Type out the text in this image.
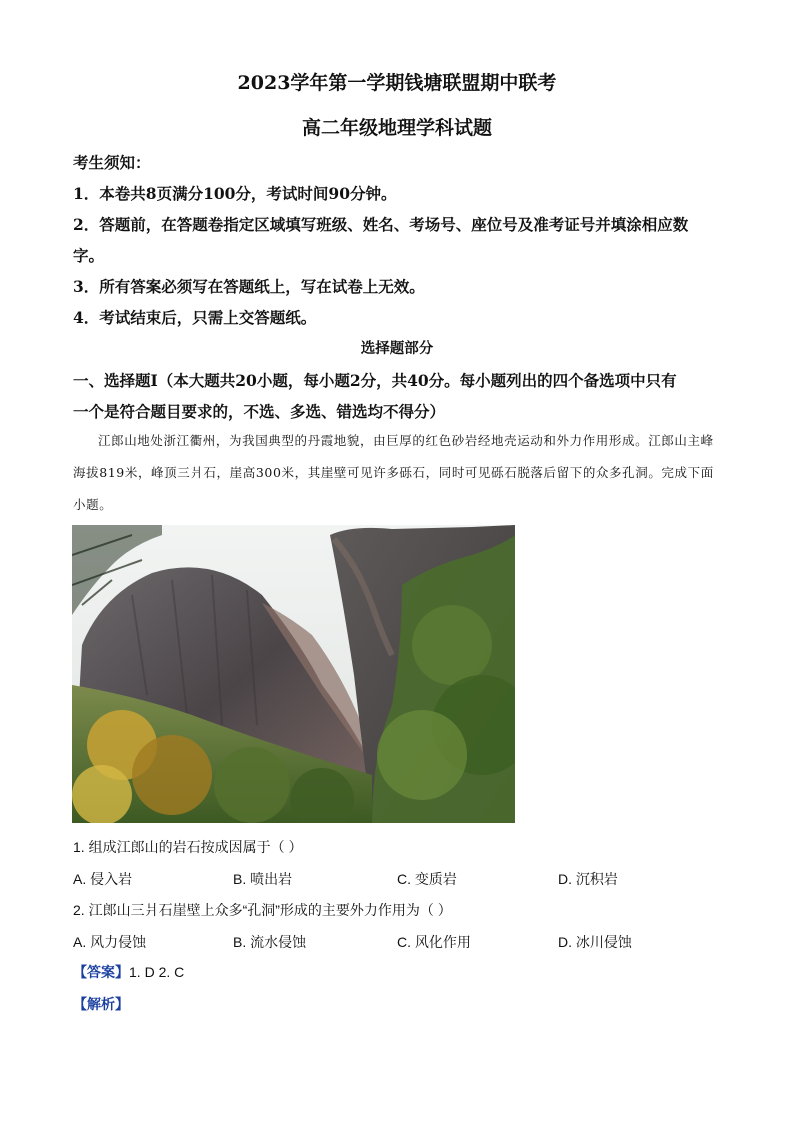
2023学年第一学期钱塘联盟期中联考
高二年级地理学科试题
考生须知：
1．本卷共8页满分100分，考试时间90分钟。
2．答题前，在答题卷指定区域填写班级、姓名、考场号、座位号及准考证号并填涂相应数
字。
3．所有答案必须写在答题纸上，写在试卷上无效。
4．考试结束后，只需上交答题纸。
选择题部分
一、选择题Ⅰ（本大题共20小题，每小题2分，共40分。每小题列出的四个备选项中只有
一个是符合题目要求的，不选、多选、错选均不得分）
江郎山地处浙江衢州，为我国典型的丹霞地貌，由巨厚的红色砂岩经地壳运动和外力作用形成。江郎山主峰海拔819米，峰顶三爿石，崖高300米，其崖壁可见许多砾石，同时可见砾石脱落后留下的众多孔洞。完成下面小题。
1. 组成江郎山的岩石按成因属于（ ）
A. 侵入岩	B. 喷出岩	C. 变质岩	D. 沉积岩
2. 江郎山三爿石崖壁上众多“孔洞”形成的主要外力作用为（ ）
A. 风力侵蚀	B. 流水侵蚀	C. 风化作用	D. 冰川侵蚀
【答案】1. D 2. C
【解析】
